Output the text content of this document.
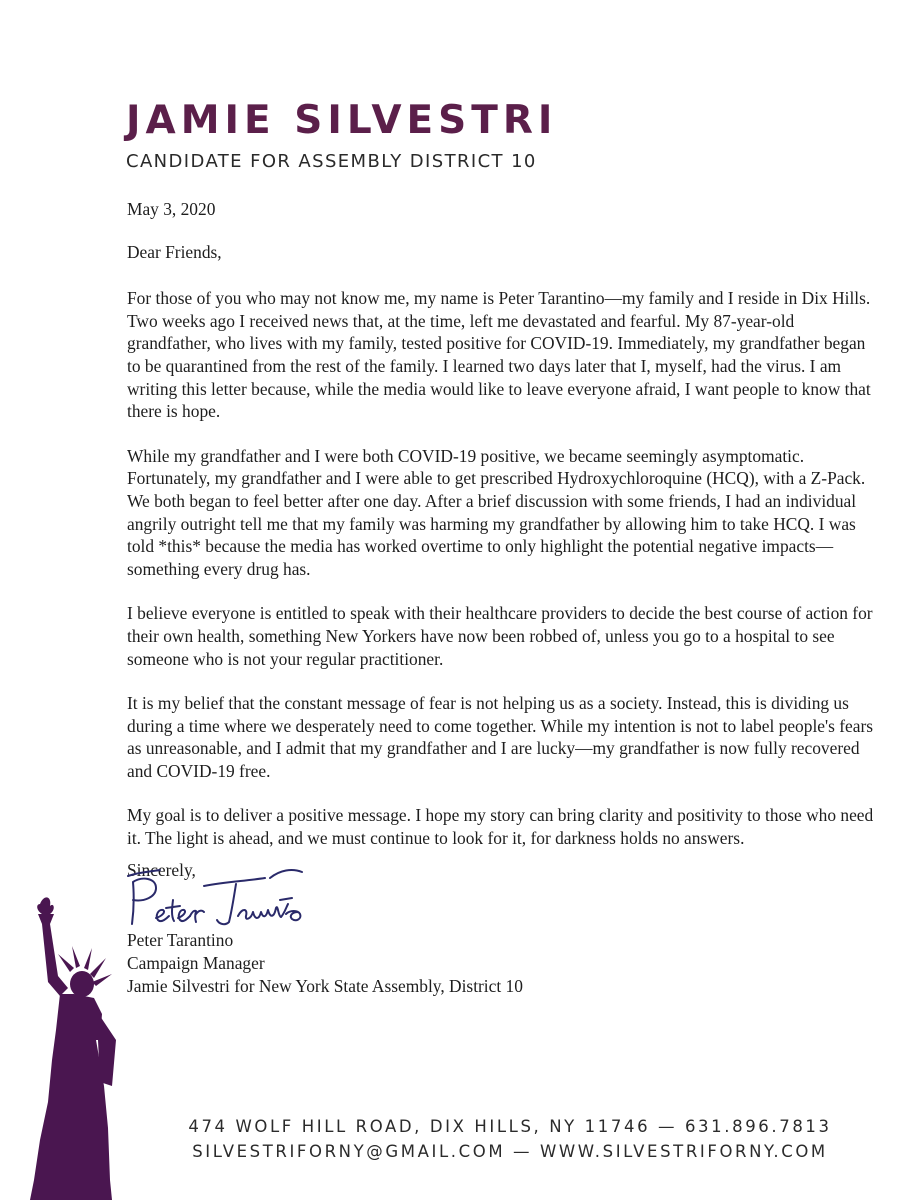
JAMIE SILVESTRI
CANDIDATE FOR ASSEMBLY DISTRICT 10

May 3, 2020

Dear Friends,

For those of you who may not know me, my name is Peter Tarantino—my family and I reside in Dix Hills. Two weeks ago I received news that, at the time, left me devastated and fearful. My 87-year-old grandfather, who lives with my family, tested positive for COVID-19. Immediately, my grandfather began to be quarantined from the rest of the family. I learned two days later that I, myself, had the virus. I am writing this letter because, while the media would like to leave everyone afraid, I want people to know that there is hope.

While my grandfather and I were both COVID-19 positive, we became seemingly asymptomatic. Fortunately, my grandfather and I were able to get prescribed Hydroxychloroquine (HCQ), with a Z-Pack. We both began to feel better after one day. After a brief discussion with some friends, I had an individual angrily outright tell me that my family was harming my grandfather by allowing him to take HCQ. I was told *this* because the media has worked overtime to only highlight the potential negative impacts—something every drug has.

I believe everyone is entitled to speak with their healthcare providers to decide the best course of action for their own health, something New Yorkers have now been robbed of, unless you go to a hospital to see someone who is not your regular practitioner.

It is my belief that the constant message of fear is not helping us as a society. Instead, this is dividing us during a time where we desperately need to come together. While my intention is not to label people's fears as unreasonable, and I admit that my grandfather and I are lucky—my grandfather is now fully recovered and COVID-19 free.

My goal is to deliver a positive message. I hope my story can bring clarity and positivity to those who need it. The light is ahead, and we must continue to look for it, for darkness holds no answers.

Sincerely,
Peter Tarantino
Campaign Manager
Jamie Silvestri for New York State Assembly, District 10
474 WOLF HILL ROAD, DIX HILLS, NY 11746 — 631.896.7813
SILVESTRIFORNY@GMAIL.COM — WWW.SILVESTRIFORNY.COM
